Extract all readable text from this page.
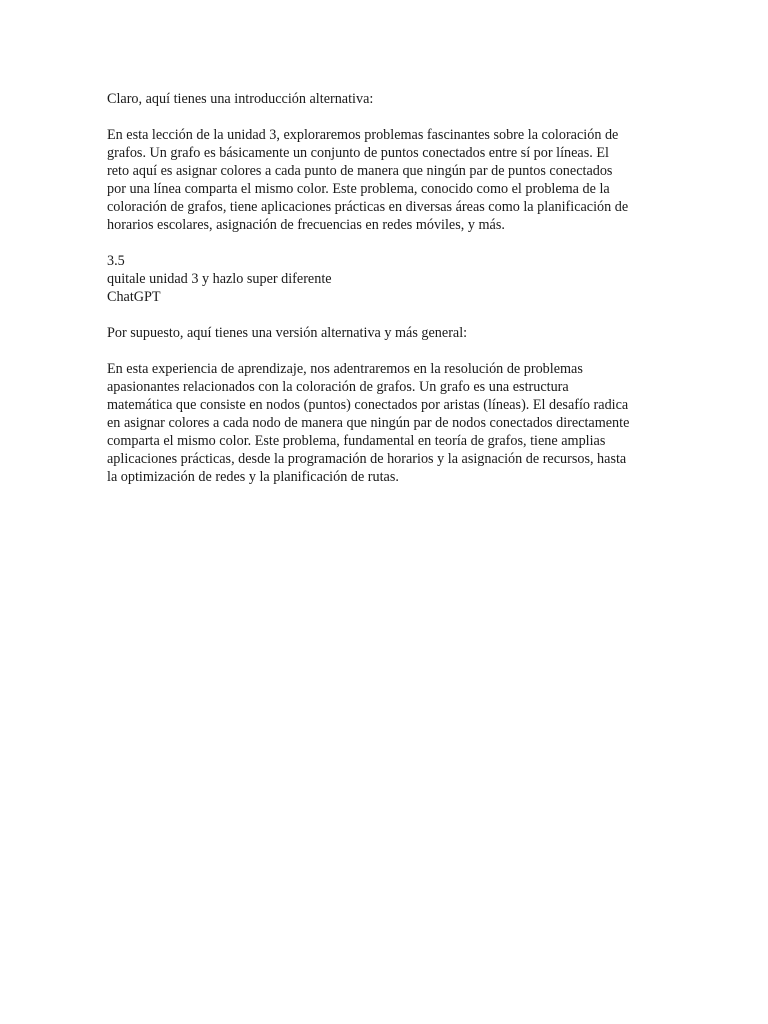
Claro, aquí tienes una introducción alternativa:

En esta lección de la unidad 3, exploraremos problemas fascinantes sobre la coloración de
grafos. Un grafo es básicamente un conjunto de puntos conectados entre sí por líneas. El
reto aquí es asignar colores a cada punto de manera que ningún par de puntos conectados
por una línea comparta el mismo color. Este problema, conocido como el problema de la
coloración de grafos, tiene aplicaciones prácticas en diversas áreas como la planificación de
horarios escolares, asignación de frecuencias en redes móviles, y más.

3.5
quitale unidad 3 y hazlo super diferente
ChatGPT

Por supuesto, aquí tienes una versión alternativa y más general:

En esta experiencia de aprendizaje, nos adentraremos en la resolución de problemas
apasionantes relacionados con la coloración de grafos. Un grafo es una estructura
matemática que consiste en nodos (puntos) conectados por aristas (líneas). El desafío radica
en asignar colores a cada nodo de manera que ningún par de nodos conectados directamente
comparta el mismo color. Este problema, fundamental en teoría de grafos, tiene amplias
aplicaciones prácticas, desde la programación de horarios y la asignación de recursos, hasta
la optimización de redes y la planificación de rutas.
